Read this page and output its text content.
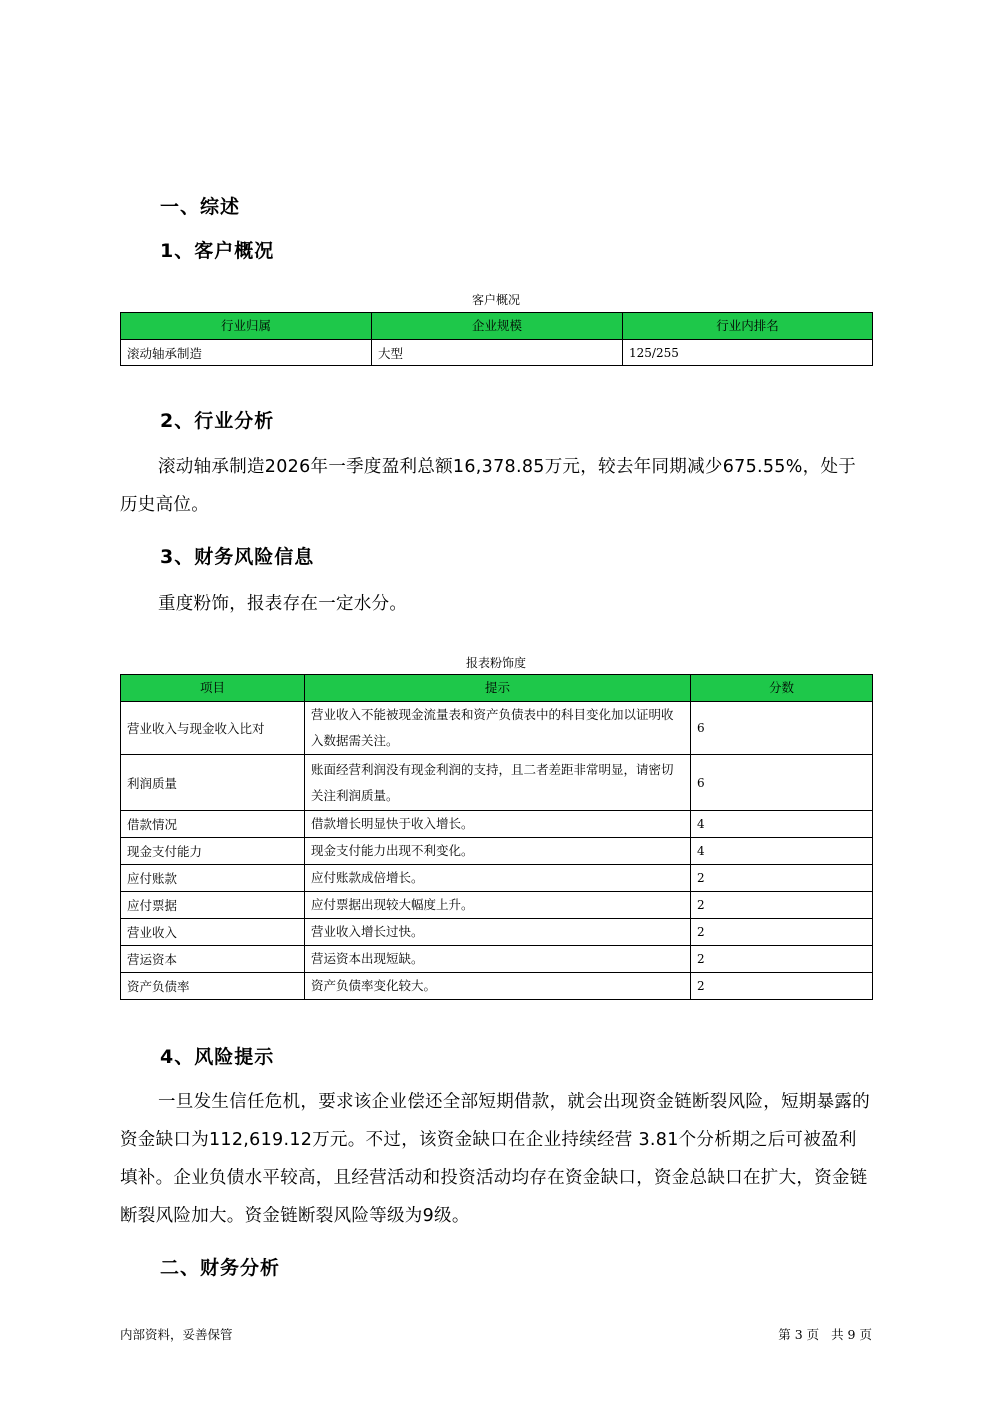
一、综述
1、客户概况
客户概况
行业归属	企业规模	行业内排名
滚动轴承制造	大型	125/255
2、行业分析
滚动轴承制造2026年一季度盈利总额16,378.85万元，较去年同期减少675.55%，处于历史高位。
3、财务风险信息
重度粉饰，报表存在一定水分。
报表粉饰度
项目	提示	分数
营业收入与现金收入比对	营业收入不能被现金流量表和资产负债表中的科目变化加以证明收入数据需关注。	6
利润质量	账面经营利润没有现金利润的支持，且二者差距非常明显，请密切关注利润质量。	6
借款情况	借款增长明显快于收入增长。	4
现金支付能力	现金支付能力出现不利变化。	4
应付账款	应付账款成倍增长。	2
应付票据	应付票据出现较大幅度上升。	2
营业收入	营业收入增长过快。	2
营运资本	营运资本出现短缺。	2
资产负债率	资产负债率变化较大。	2
4、风险提示
一旦发生信任危机，要求该企业偿还全部短期借款，就会出现资金链断裂风险，短期暴露的资金缺口为112,619.12万元。不过，该资金缺口在企业持续经营 3.81个分析期之后可被盈利填补。企业负债水平较高，且经营活动和投资活动均存在资金缺口，资金总缺口在扩大，资金链断裂风险加大。资金链断裂风险等级为9级。
二、财务分析
内部资料，妥善保管	第 3 页   共 9 页
